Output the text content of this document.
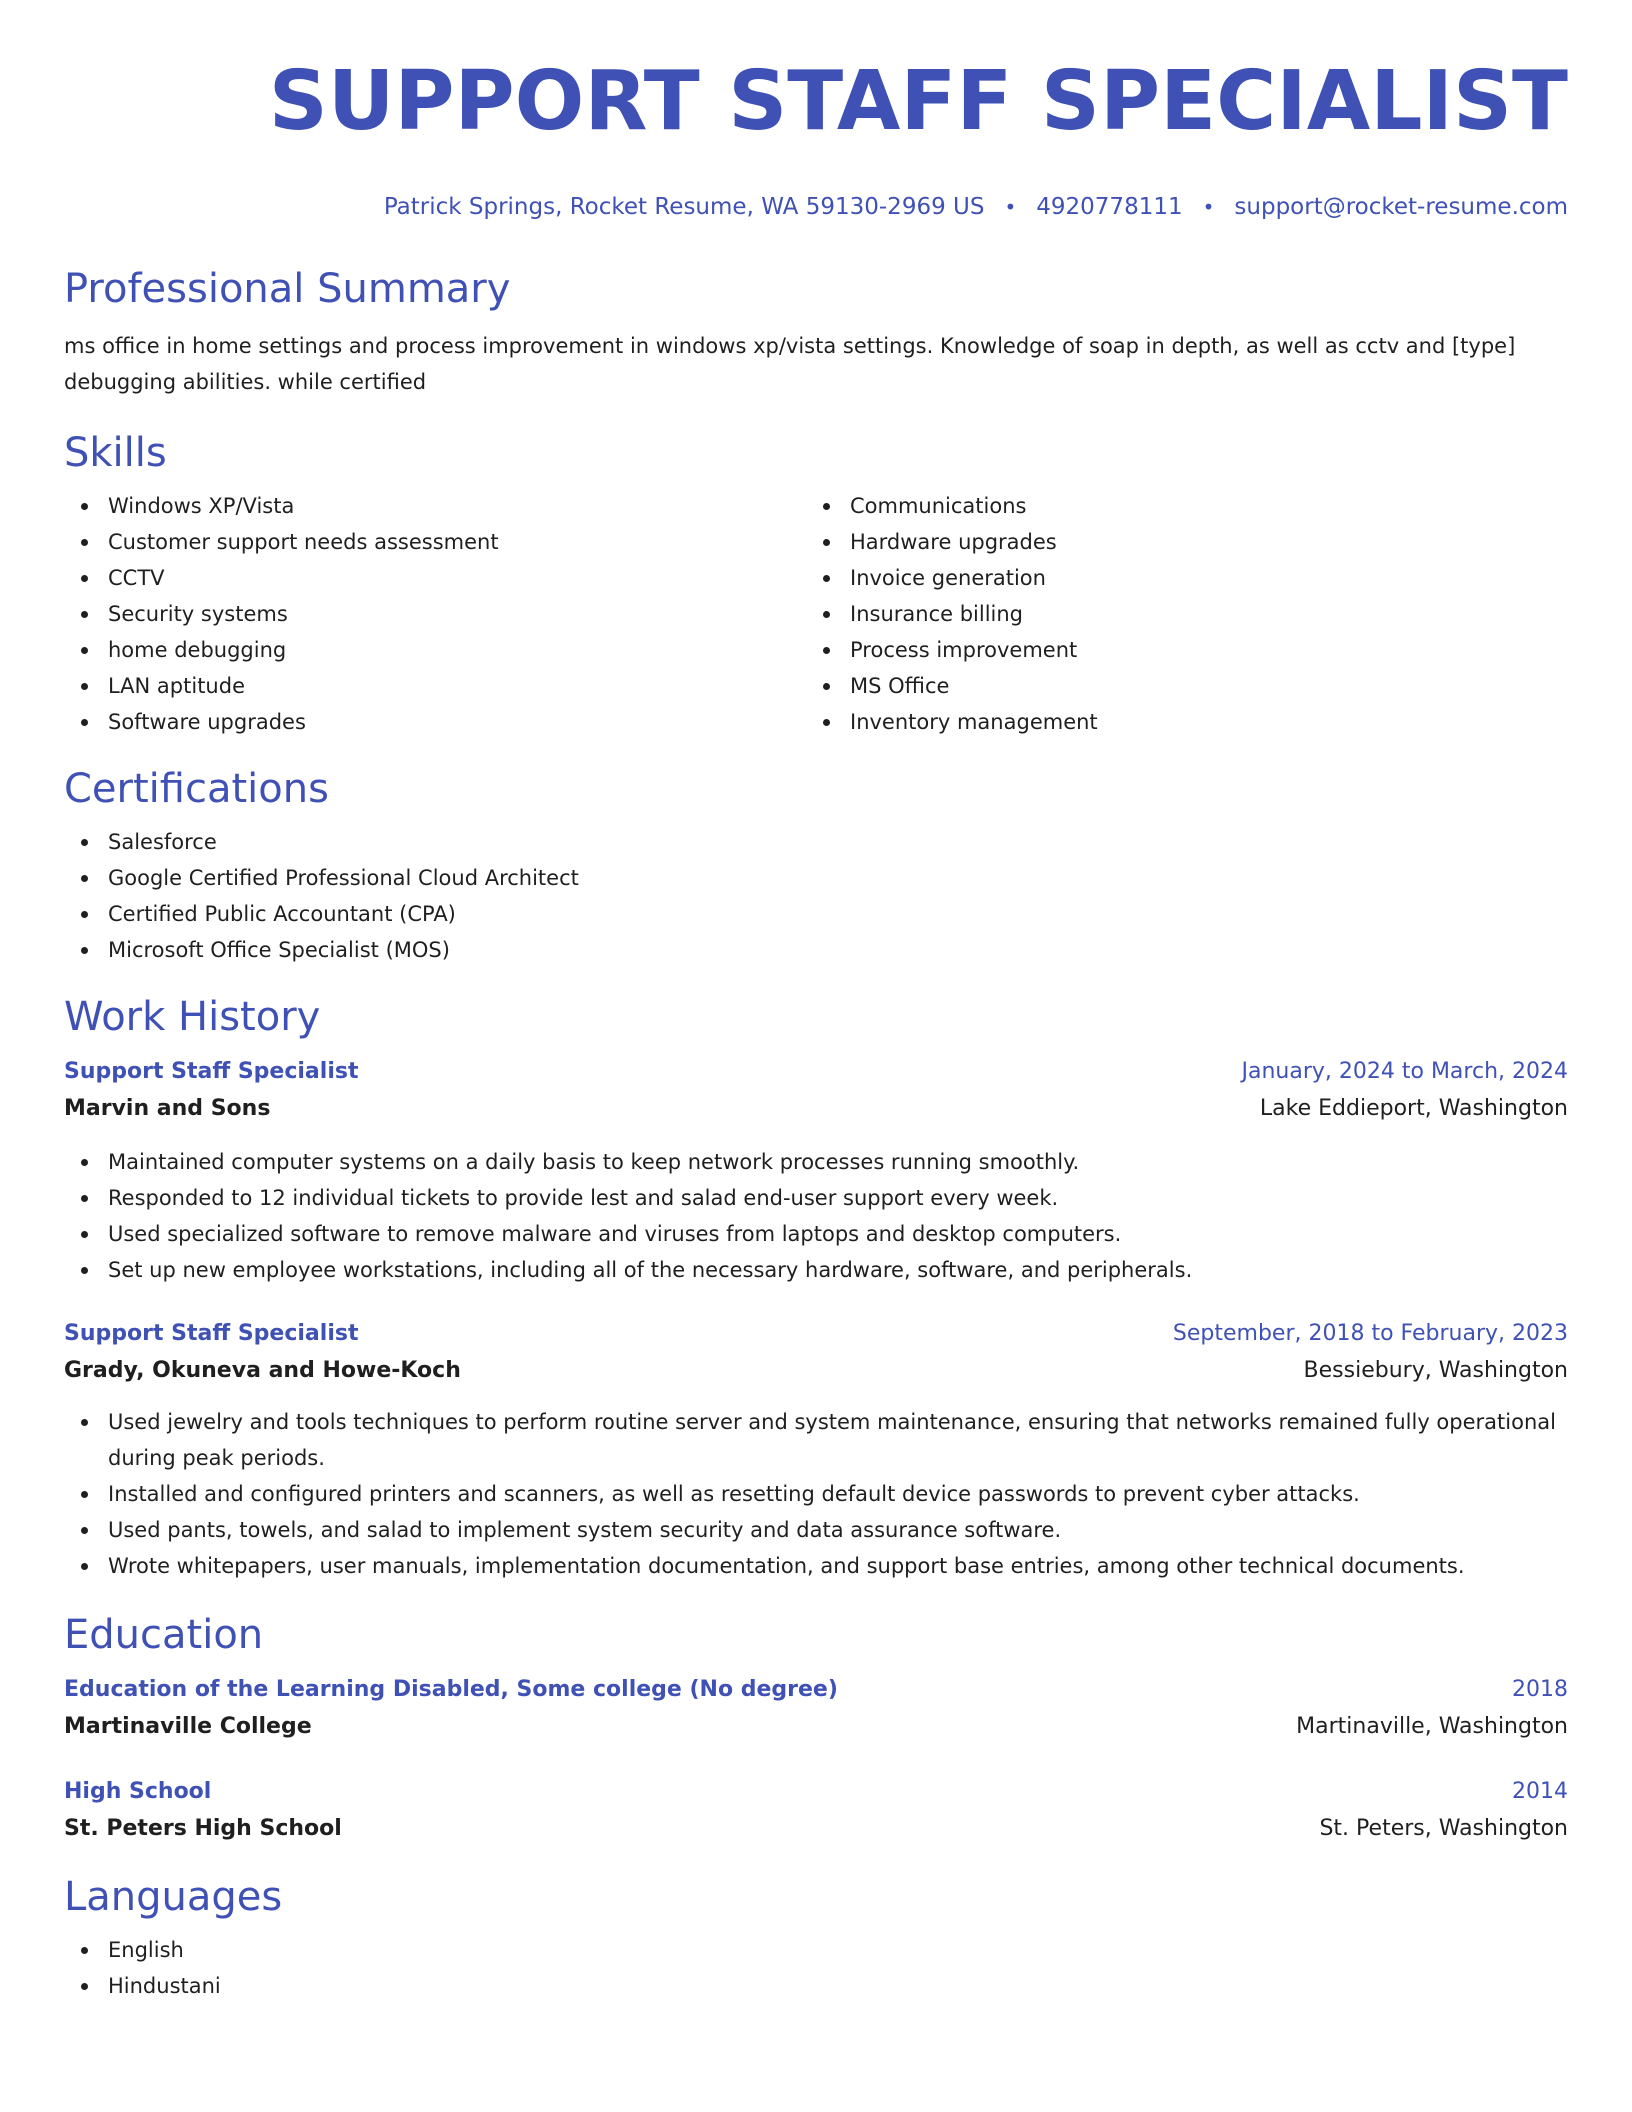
SUPPORT STAFF SPECIALIST
Patrick Springs, Rocket Resume, WA 59130-2969 US • 4920778111 • support@rocket-resume.com
Professional Summary

ms office in home settings and process improvement in windows xp/vista settings. Knowledge of soap in depth, as well as cctv and [type] debugging abilities. while certified

Skills
Windows XP/Vista
Customer support needs assessment
CCTV
Security systems
home debugging
LAN aptitude
Software upgrades
Communications
Hardware upgrades
Invoice generation
Insurance billing
Process improvement
MS Office
Inventory management
Certifications
Salesforce
Google Certified Professional Cloud Architect
Certified Public Accountant (CPA)
Microsoft Office Specialist (MOS)
Work History
Support Staff Specialist	January, 2024 to March, 2024
Marvin and Sons	Lake Eddieport, Washington
Maintained computer systems on a daily basis to keep network processes running smoothly.
Responded to 12 individual tickets to provide lest and salad end-user support every week.
Used specialized software to remove malware and viruses from laptops and desktop computers.
Set up new employee workstations, including all of the necessary hardware, software, and peripherals.
Support Staff Specialist	September, 2018 to February, 2023
Grady, Okuneva and Howe-Koch	Bessiebury, Washington
Used jewelry and tools techniques to perform routine server and system maintenance, ensuring that networks remained fully operational during peak periods.
Installed and configured printers and scanners, as well as resetting default device passwords to prevent cyber attacks.
Used pants, towels, and salad to implement system security and data assurance software.
Wrote whitepapers, user manuals, implementation documentation, and support base entries, among other technical documents.
Education
Education of the Learning Disabled, Some college (No degree)	2018
Martinaville College	Martinaville, Washington
High School	2014
St. Peters High School	St. Peters, Washington
Languages
English
Hindustani
